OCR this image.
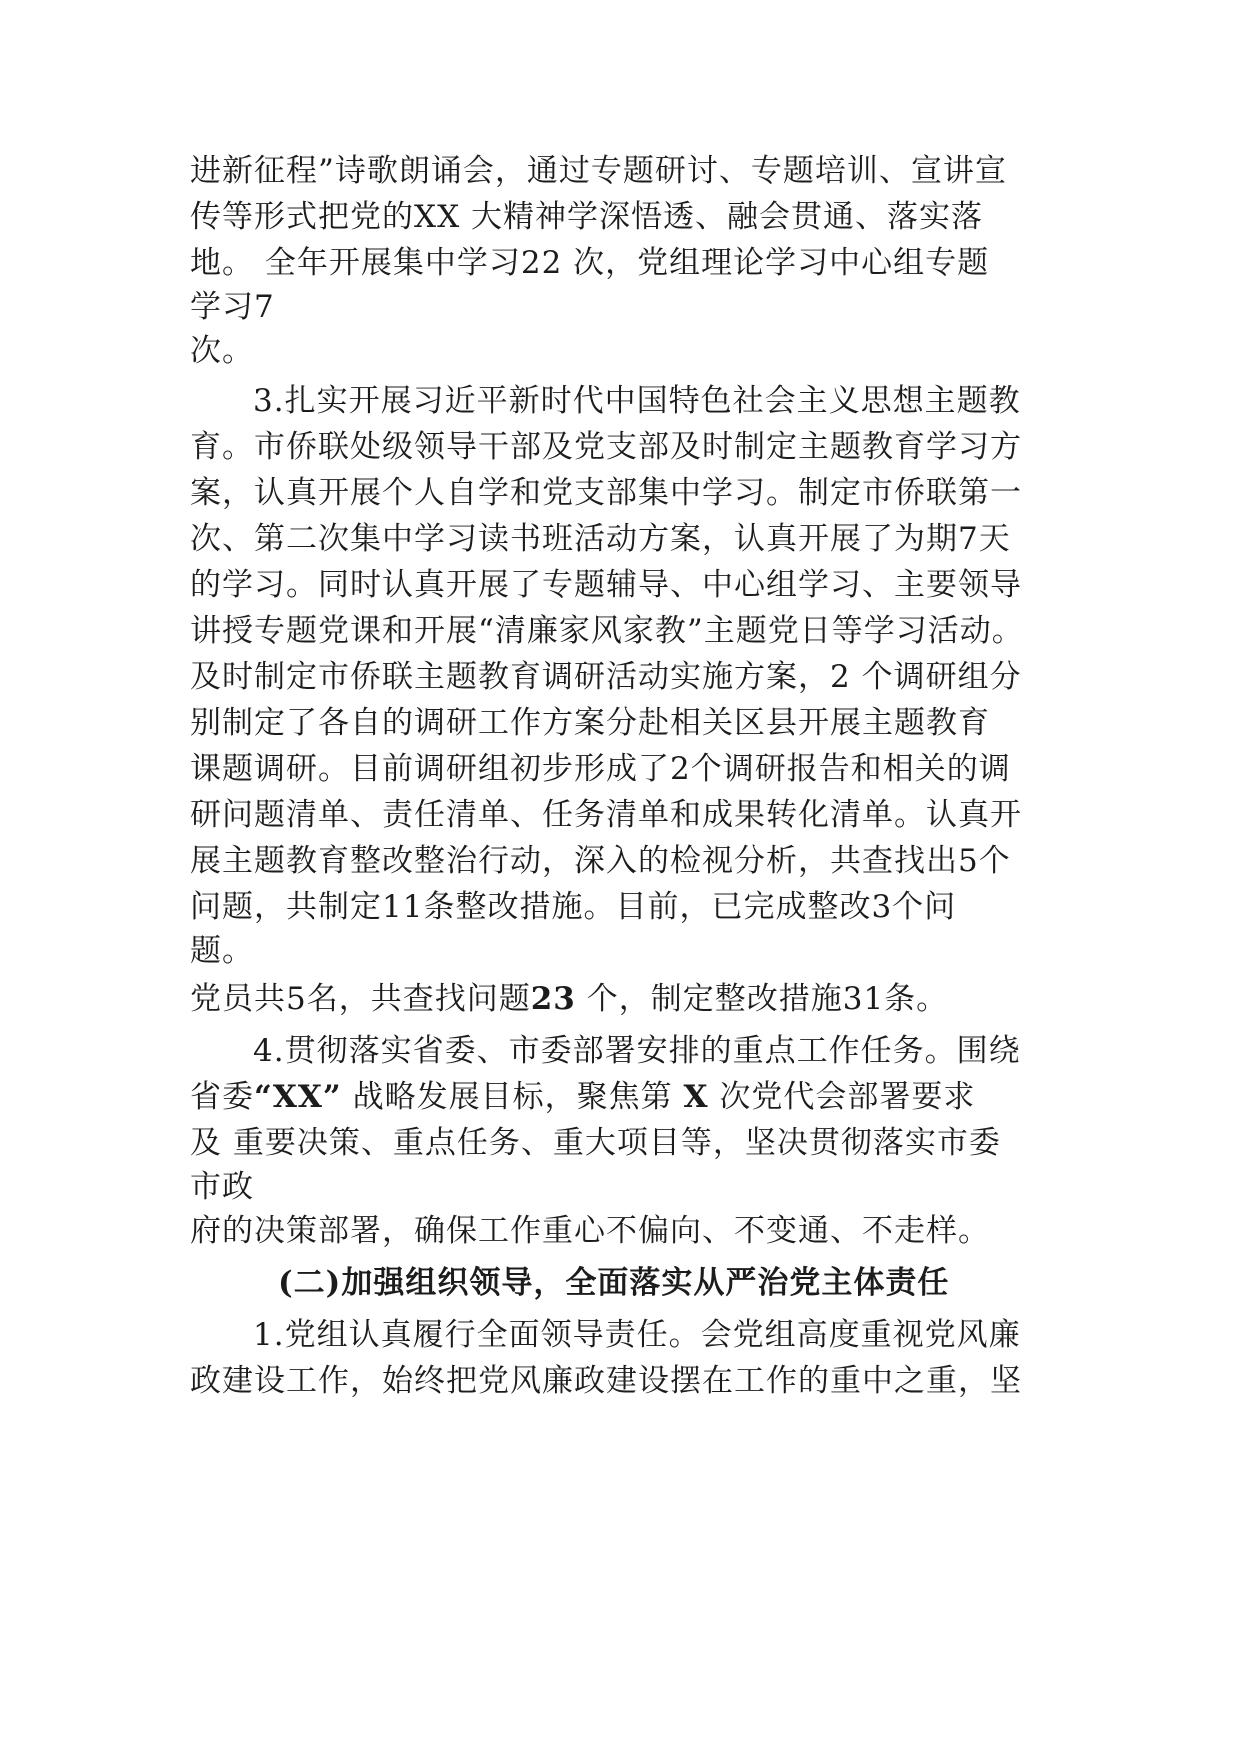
进新征程”诗歌朗诵会，通过专题研讨、专题培训、宣讲宣
传等形式把党的XX 大精神学深悟透、融会贯通、落实落
地。 全年开展集中学习22 次，党组理论学习中心组专题
学习7
次。
3.扎实开展习近平新时代中国特色社会主义思想主题教
育。市侨联处级领导干部及党支部及时制定主题教育学习方
案，认真开展个人自学和党支部集中学习。制定市侨联第一
次、第二次集中学习读书班活动方案，认真开展了为期7天
的学习。同时认真开展了专题辅导、中心组学习、主要领导
讲授专题党课和开展“清廉家风家教”主题党日等学习活动。
及时制定市侨联主题教育调研活动实施方案，2 个调研组分
别制定了各自的调研工作方案分赴相关区县开展主题教育
课题调研。目前调研组初步形成了2个调研报告和相关的调
研问题清单、责任清单、任务清单和成果转化清单。认真开
展主题教育整改整治行动，深入的检视分析，共查找出5个
问题，共制定11条整改措施。目前，已完成整改3个问
题。
党员共5名，共查找问题23 个，制定整改措施31条。
4.贯彻落实省委、市委部署安排的重点工作任务。围绕
省委“XX” 战略发展目标，聚焦第 X 次党代会部署要求
及 重要决策、重点任务、重大项目等，坚决贯彻落实市委
市政
府的决策部署，确保工作重心不偏向、不变通、不走样。
(二)加强组织领导，全面落实从严治党主体责任
1.党组认真履行全面领导责任。会党组高度重视党风廉
政建设工作，始终把党风廉政建设摆在工作的重中之重，坚
